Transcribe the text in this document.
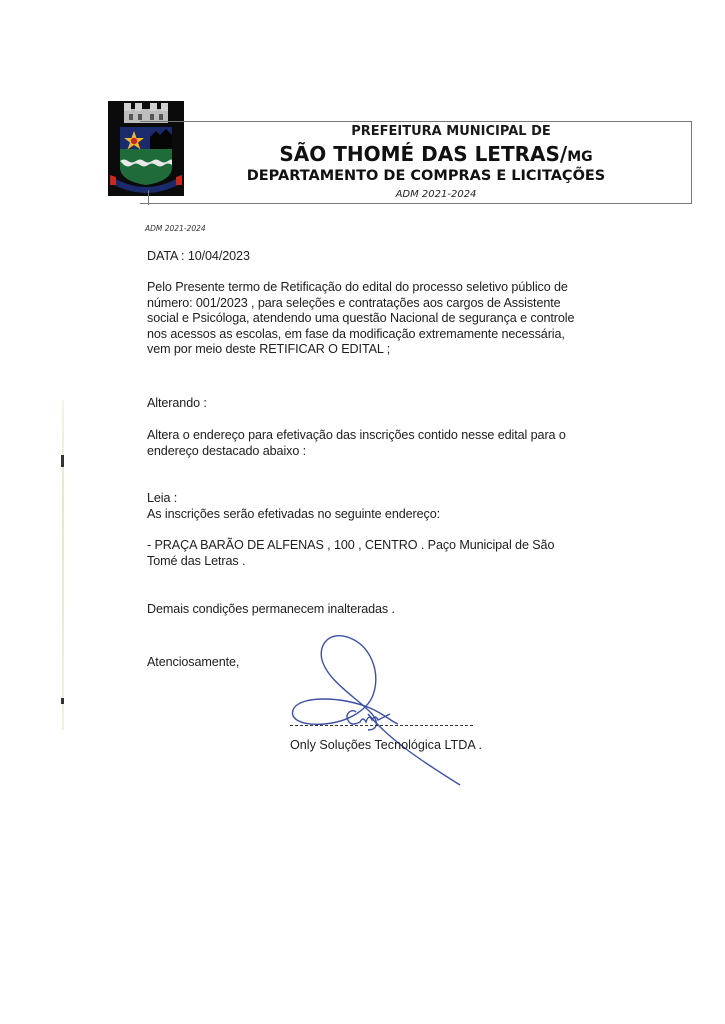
PREFEITURA MUNICIPAL DE
SÃO THOMÉ DAS LETRAS/MG
DEPARTAMENTO DE COMPRAS E LICITAÇÕES
ADM 2021-2024
ADM 2021-2024
DATA : 10/04/2023
Pelo Presente termo de Retificação do edital do processo seletivo público de
número: 001/2023 , para seleções e contratações aos cargos de Assistente
social e Psicóloga, atendendo uma questão Nacional de segurança e controle
nos acessos as escolas, em fase da modificação extremamente necessária,
vem por meio deste RETIFICAR O EDITAL ;
Alterando :
Altera o endereço para efetivação das inscrições contido nesse edital para o
endereço destacado abaixo :
Leia :
As inscrições serão efetivadas no seguinte endereço:
- PRAÇA BARÃO DE ALFENAS , 100 , CENTRO . Paço Municipal de São
Tomé das Letras .
Demais condições permanecem inalteradas .
Atenciosamente,
Only Soluções Tecnológica LTDA .
